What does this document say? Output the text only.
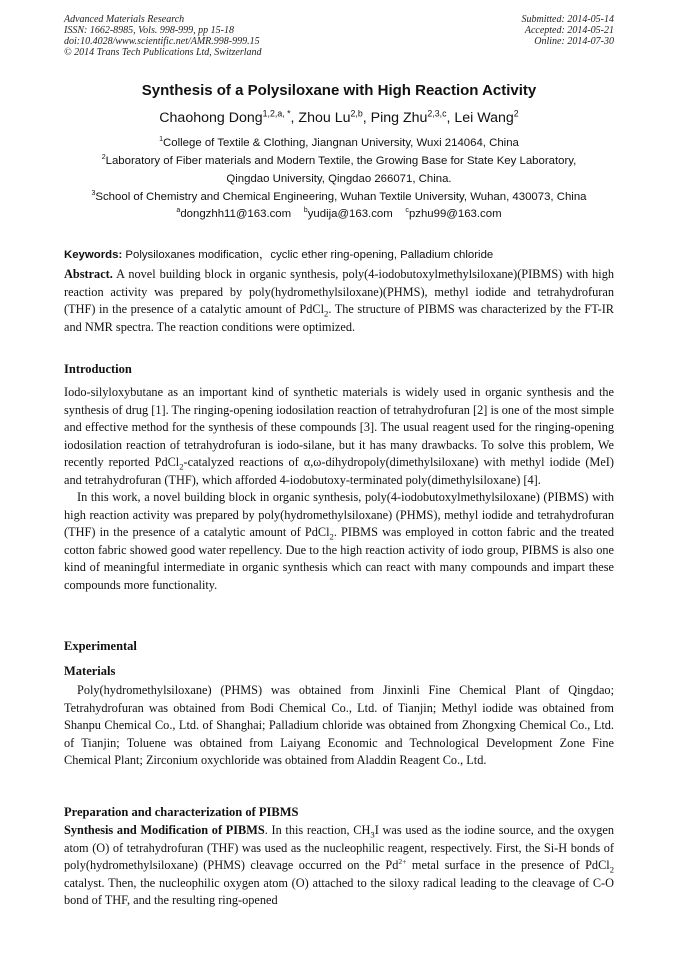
Advanced Materials Research
ISSN: 1662-8985, Vols. 998-999, pp 15-18
doi:10.4028/www.scientific.net/AMR.998-999.15
© 2014 Trans Tech Publications Ltd, Switzerland
Submitted: 2014-05-14
Accepted: 2014-05-21
Online: 2014-07-30
Synthesis of a Polysiloxane with High Reaction Activity
Chaohong Dong$^{1,2,a, *}$, Zhou Lu$^{2,b}$, Ping Zhu$^{2,3,c}$, Lei Wang$^2$
$^1$College of Textile & Clothing, Jiangnan University, Wuxi 214064, China
$^2$Laboratory of Fiber materials and Modern Textile, the Growing Base for State Key Laboratory,
Qingdao University, Qingdao 266071, China.
$^3$School of Chemistry and Chemical Engineering, Wuhan Textile University, Wuhan, 430073, China
$^a$dongzhh11@163.com $^b$yudija@163.com $^c$pzhu99@163.com
Keywords: Polysiloxanes modification，cyclic ether ring-opening, Palladium chloride

Abstract. A novel building block in organic synthesis, poly(4-iodobutoxylmethylsiloxane)(PIBMS) with high reaction activity was prepared by poly(hydromethylsiloxane)(PHMS), methyl iodide and tetrahydrofuran (THF) in the presence of a catalytic amount of PdCl$_2$. The structure of PIBMS was characterized by the FT-IR and NMR spectra. The reaction conditions were optimized.

Introduction

Iodo-silyloxybutane as an important kind of synthetic materials is widely used in organic synthesis and the synthesis of drug [1]. The ringing-opening iodosilation reaction of tetrahydrofuran [2] is one of the most simple and effective method for the synthesis of these compounds [3]. The usual reagent used for the ringing-opening iodosilation reaction of tetrahydrofuran is iodo-silane, but it has many drawbacks. To solve this problem, We recently reported PdCl$_2$-catalyzed reactions of α,ω-dihydropoly(dimethylsiloxane) with methyl iodide (MeI) and tetrahydrofuran (THF), which afforded 4-iodobutoxy-terminated poly(dimethylsiloxane) [4].

In this work, a novel building block in organic synthesis, poly(4-iodobutoxylmethylsiloxane) (PIBMS) with high reaction activity was prepared by poly(hydromethylsiloxane) (PHMS), methyl iodide and tetrahydrofuran (THF) in the presence of a catalytic amount of PdCl$_2$. PIBMS was employed in cotton fabric and the treated cotton fabric showed good water repellency. Due to the high reaction activity of iodo group, PIBMS is also one kind of meaningful intermediate in organic synthesis which can react with many compounds and impart these compounds more functionality.

Experimental
Materials

Poly(hydromethylsiloxane) (PHMS) was obtained from Jinxinli Fine Chemical Plant of Qingdao; Tetrahydrofuran was obtained from Bodi Chemical Co., Ltd. of Tianjin; Methyl iodide was obtained from Shanpu Chemical Co., Ltd. of Shanghai; Palladium chloride was obtained from Zhongxing Chemical Co., Ltd. of Tianjin; Toluene was obtained from Laiyang Economic and Technological Development Zone Fine Chemical Plant; Zirconium oxychloride was obtained from Aladdin Reagent Co., Ltd.

Preparation and characterization of PIBMS

Synthesis and Modification of PIBMS. In this reaction, $CH_3I$ was used as the iodine source, and the oxygen atom (O) of tetrahydrofuran (THF) was used as the nucleophilic reagent, respectively. First, the Si-H bonds of poly(hydromethylsiloxane) (PHMS) cleavage occurred on the $Pd^{2+}$ metal surface in the presence of PdCl$_2$ catalyst. Then, the nucleophilic oxygen atom (O) attached to the siloxy radical leading to the cleavage of C-O bond of THF, and the resulting ring-opened
